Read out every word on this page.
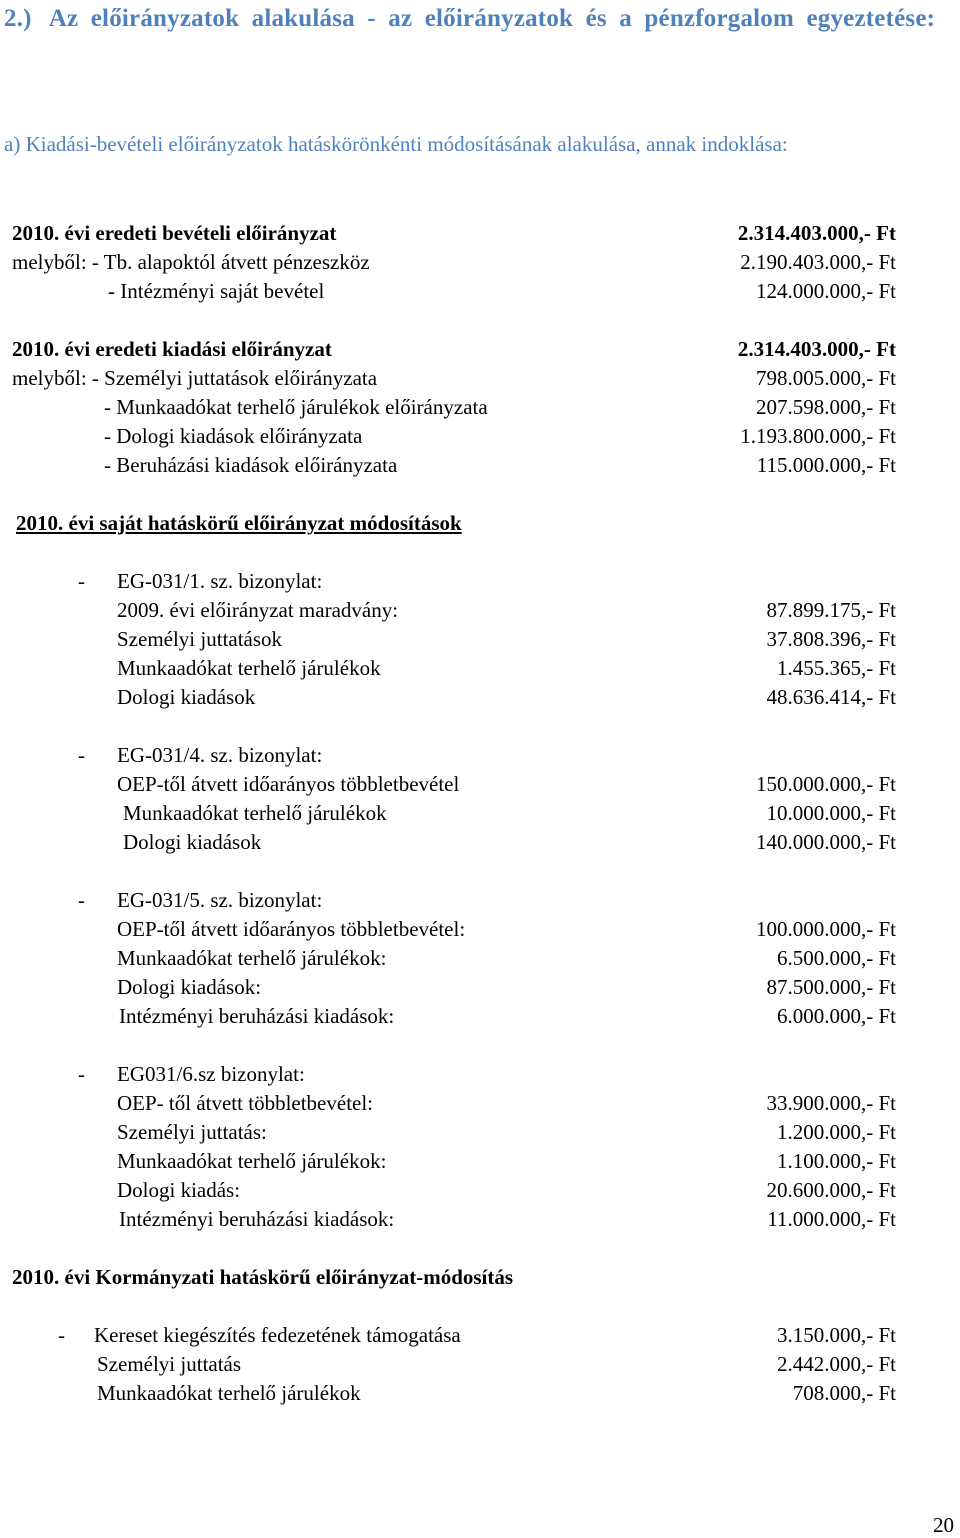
2.) Az előirányzatok alakulása - az előirányzatok és a pénzforgalom egyeztetése:
a) Kiadási-bevételi előirányzatok hatáskörönkénti módosításának alakulása, annak indoklása:
2010. évi eredeti bevételi előirányzat	2.314.403.000,- Ft
melyből: - Tb. alapoktól átvett pénzeszköz	2.190.403.000,- Ft
- Intézményi saját bevétel	124.000.000,- Ft
2010. évi eredeti kiadási előirányzat	2.314.403.000,- Ft
melyből: - Személyi juttatások előirányzata	798.005.000,- Ft
- Munkaadókat terhelő járulékok előirányzata	207.598.000,- Ft
- Dologi kiadások előirányzata	1.193.800.000,- Ft
- Beruházási kiadások előirányzata	115.000.000,- Ft
2010. évi saját hatáskörű előirányzat módosítások
- EG-031/1. sz. bizonylat:
2009. évi előirányzat maradvány:	87.899.175,- Ft
Személyi juttatások	37.808.396,- Ft
Munkaadókat terhelő járulékok	1.455.365,- Ft
Dologi kiadások	48.636.414,- Ft
- EG-031/4. sz. bizonylat:
OEP-től átvett időarányos többletbevétel	150.000.000,- Ft
Munkaadókat terhelő járulékok	10.000.000,- Ft
Dologi kiadások	140.000.000,- Ft
- EG-031/5. sz. bizonylat:
OEP-től átvett időarányos többletbevétel:	100.000.000,- Ft
Munkaadókat terhelő járulékok:	6.500.000,- Ft
Dologi kiadások:	87.500.000,- Ft
Intézményi beruházási kiadások:	6.000.000,- Ft
- EG031/6.sz bizonylat:
OEP- től átvett többletbevétel:	33.900.000,- Ft
Személyi juttatás:	1.200.000,- Ft
Munkaadókat terhelő járulékok:	1.100.000,- Ft
Dologi kiadás:	20.600.000,- Ft
Intézményi beruházási kiadások:	11.000.000,- Ft
2010. évi Kormányzati hatáskörű előirányzat-módosítás
- Kereset kiegészítés fedezetének támogatása	3.150.000,- Ft
Személyi juttatás	2.442.000,- Ft
Munkaadókat terhelő járulékok	708.000,- Ft
20
